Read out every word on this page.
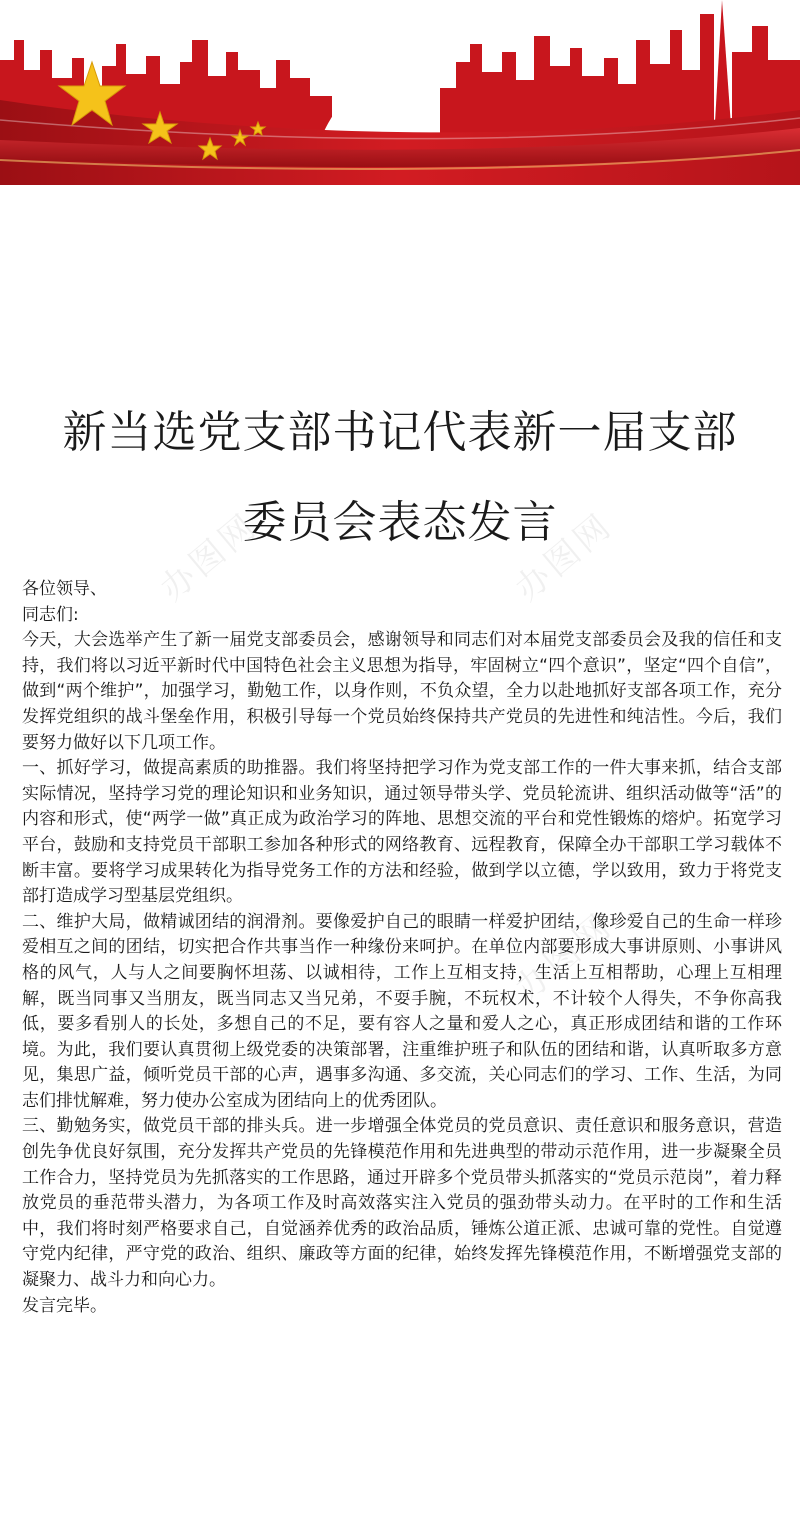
办图网	办图网
办图网
新当选党支部书记代表新一届支部
委员会表态发言

各位领导、

同志们:

今天，大会选举产生了新一届党支部委员会，感谢领导和同志们对本届党支部委员会及我的信任和支持，我们将以习近平新时代中国特色社会主义思想为指导，牢固树立“四个意识”，坚定“四个自信”，做到“两个维护”，加强学习，勤勉工作，以身作则，不负众望，全力以赴地抓好支部各项工作，充分发挥党组织的战斗堡垒作用，积极引导每一个党员始终保持共产党员的先进性和纯洁性。今后，我们要努力做好以下几项工作。

一、抓好学习，做提高素质的助推器。我们将坚持把学习作为党支部工作的一件大事来抓，结合支部实际情况，坚持学习党的理论知识和业务知识，通过领导带头学、党员轮流讲、组织活动做等“活”的内容和形式，使“两学一做”真正成为政治学习的阵地、思想交流的平台和党性锻炼的熔炉。拓宽学习平台，鼓励和支持党员干部职工参加各种形式的网络教育、远程教育，保障全办干部职工学习载体不断丰富。要将学习成果转化为指导党务工作的方法和经验，做到学以立德，学以致用，致力于将党支部打造成学习型基层党组织。

二、维护大局，做精诚团结的润滑剂。要像爱护自己的眼睛一样爱护团结，像珍爱自己的生命一样珍爱相互之间的团结，切实把合作共事当作一种缘份来呵护。在单位内部要形成大事讲原则、小事讲风格的风气，人与人之间要胸怀坦荡、以诚相待，工作上互相支持，生活上互相帮助，心理上互相理解，既当同事又当朋友，既当同志又当兄弟，不耍手腕，不玩权术，不计较个人得失，不争你高我低，要多看别人的长处，多想自己的不足，要有容人之量和爱人之心，真正形成团结和谐的工作环境。为此，我们要认真贯彻上级党委的决策部署，注重维护班子和队伍的团结和谐，认真听取多方意见，集思广益，倾听党员干部的心声，遇事多沟通、多交流，关心同志们的学习、工作、生活，为同志们排忧解难，努力使办公室成为团结向上的优秀团队。

三、勤勉务实，做党员干部的排头兵。进一步增强全体党员的党员意识、责任意识和服务意识，营造创先争优良好氛围，充分发挥共产党员的先锋模范作用和先进典型的带动示范作用，进一步凝聚全员工作合力，坚持党员为先抓落实的工作思路，通过开辟多个党员带头抓落实的“党员示范岗”，着力释放党员的垂范带头潜力，为各项工作及时高效落实注入党员的强劲带头动力。在平时的工作和生活中，我们将时刻严格要求自己，自觉涵养优秀的政治品质，锤炼公道正派、忠诚可靠的党性。自觉遵守党内纪律，严守党的政治、组织、廉政等方面的纪律，始终发挥先锋模范作用，不断增强党支部的凝聚力、战斗力和向心力。

发言完毕。
